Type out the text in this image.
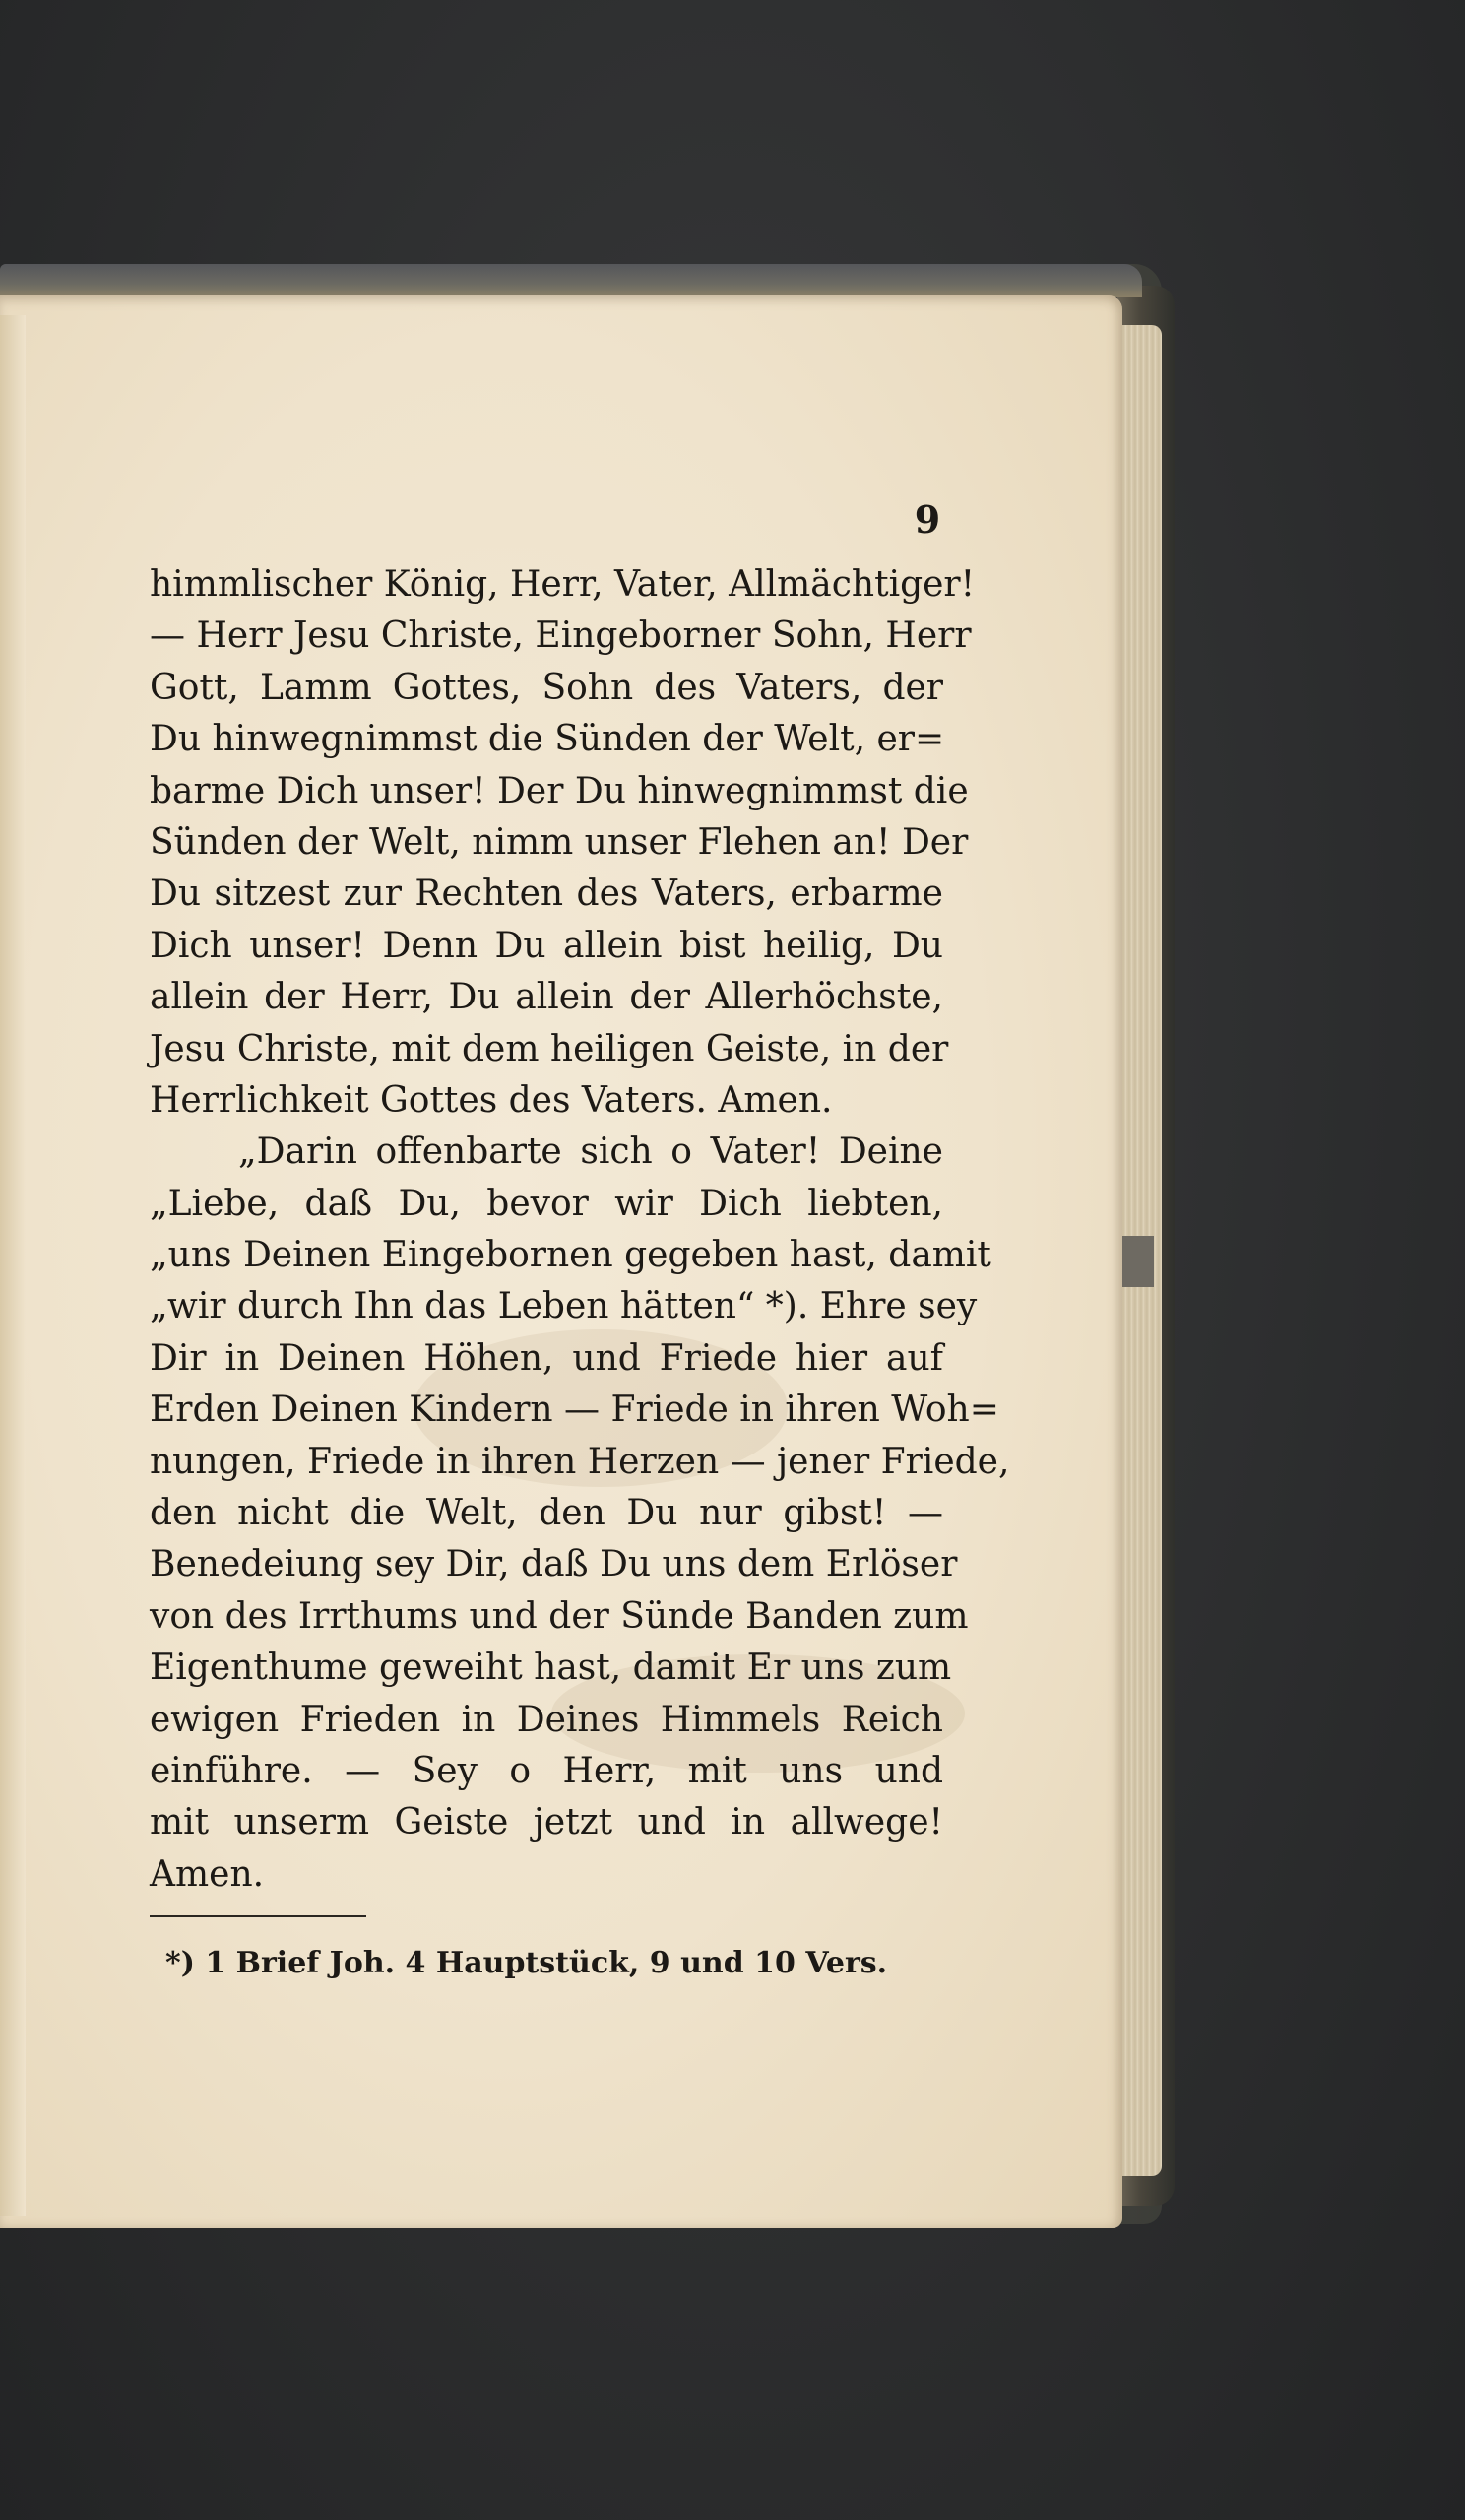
9
himmlischer König, Herr, Vater, Allmächtiger!
— Herr Jesu Christe, Eingeborner Sohn, Herr
Gott, Lamm Gottes, Sohn des Vaters, der
Du hinwegnimmst die Sünden der Welt, er=
barme Dich unser! Der Du hinwegnimmst die
Sünden der Welt, nimm unser Flehen an! Der
Du sitzest zur Rechten des Vaters, erbarme
Dich unser! Denn Du allein bist heilig, Du
allein der Herr, Du allein der Allerhöchste,
Jesu Christe, mit dem heiligen Geiste, in der
Herrlichkeit Gottes des Vaters. Amen.
„Darin offenbarte sich o Vater! Deine
„Liebe, daß Du, bevor wir Dich liebten,
„uns Deinen Eingebornen gegeben hast, damit
„wir durch Ihn das Leben hätten“ *). Ehre sey
Dir in Deinen Höhen, und Friede hier auf
Erden Deinen Kindern — Friede in ihren Woh=
nungen, Friede in ihren Herzen — jener Friede,
den nicht die Welt, den Du nur gibst! —
Benedeiung sey Dir, daß Du uns dem Erlöser
von des Irrthums und der Sünde Banden zum
Eigenthume geweiht hast, damit Er uns zum
ewigen Frieden in Deines Himmels Reich
einführe. — Sey o Herr, mit uns und
mit unserm Geiste jetzt und in allwege!
Amen.
*) 1 Brief Joh. 4 Hauptstück, 9 und 10 Vers.
